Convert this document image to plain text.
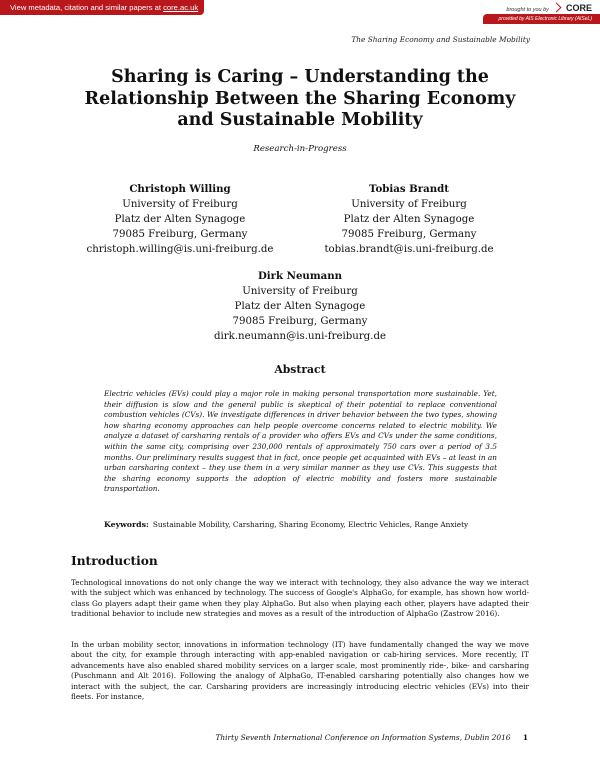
View metadata, citation and similar papers at core.ac.uk	brought to you by CORE
provided by AIS Electronic Library (AISeL)
The Sharing Economy and Sustainable Mobility
Sharing is Caring – Understanding the Relationship Between the Sharing Economy and Sustainable Mobility
Research-in-Progress
Christoph Willing
University of Freiburg
Platz der Alten Synagoge
79085 Freiburg, Germany
christoph.willing@is.uni-freiburg.de
Tobias Brandt
University of Freiburg
Platz der Alten Synagoge
79085 Freiburg, Germany
tobias.brandt@is.uni-freiburg.de
Dirk Neumann
University of Freiburg
Platz der Alten Synagoge
79085 Freiburg, Germany
dirk.neumann@is.uni-freiburg.de
Abstract

Electric vehicles (EVs) could play a major role in making personal transportation more sustainable. Yet, their diffusion is slow and the general public is skeptical of their potential to replace conventional combustion vehicles (CVs). We investigate differences in driver behavior between the two types, showing how sharing economy approaches can help people overcome concerns related to electric mobility. We analyze a dataset of carsharing rentals of a provider who offers EVs and CVs under the same conditions, within the same city, comprising over 230,000 rentals of approximately 750 cars over a period of 3.5 months. Our preliminary results suggest that in fact, once people get acquainted with EVs – at least in an urban carsharing context – they use them in a very similar manner as they use CVs. This suggests that the sharing economy supports the adoption of electric mobility and fosters more sustainable transportation.

Keywords: Sustainable Mobility, Carsharing, Sharing Economy, Electric Vehicles, Range Anxiety

Introduction

Technological innovations do not only change the way we interact with technology, they also advance the way we interact with the subject which was enhanced by technology. The success of Google's AlphaGo, for example, has shown how world-class Go players adapt their game when they play AlphaGo. But also when playing each other, players have adapted their traditional behavior to include new strategies and moves as a result of the introduction of AlphaGo (Zastrow 2016).

In the urban mobility sector, innovations in information technology (IT) have fundamentally changed the way we move about the city, for example through interacting with app-enabled navigation or cab-hiring services. More recently, IT advancements have also enabled shared mobility services on a larger scale, most prominently ride-, bike- and carsharing (Puschmann and Alt 2016). Following the analogy of AlphaGo, IT-enabled carsharing potentially also changes how we interact with the subject, the car. Carsharing providers are increasingly introducing electric vehicles (EVs) into their fleets. For instance,

Thirty Seventh International Conference on Information Systems, Dublin 2016 1
